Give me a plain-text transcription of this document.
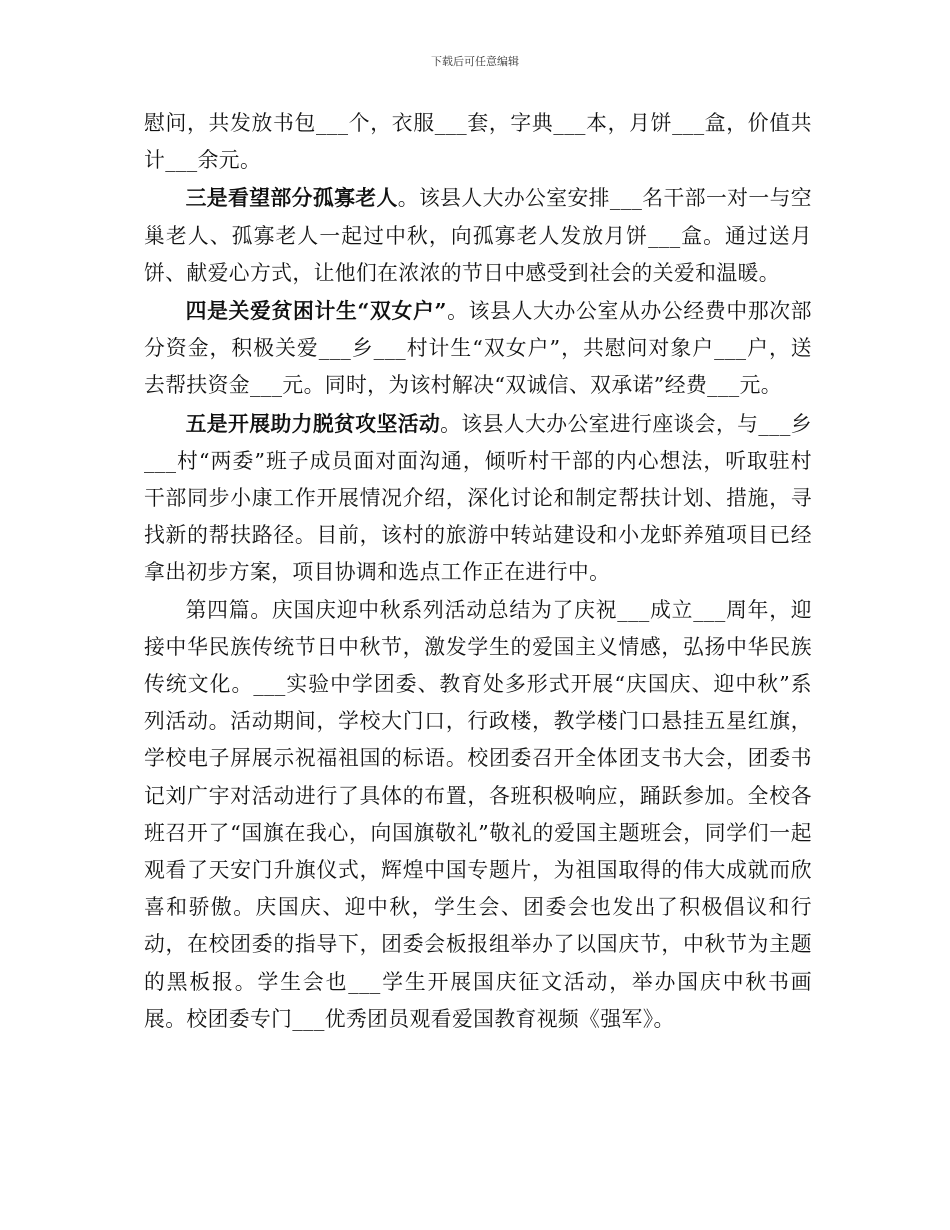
下载后可任意编辑

慰问，共发放书包___个，衣服___套，字典___本，月饼___盒，价值共计___余元。

三是看望部分孤寡老人。该县人大办公室安排___名干部一对一与空巢老人、孤寡老人一起过中秋，向孤寡老人发放月饼___盒。通过送月饼、献爱心方式，让他们在浓浓的节日中感受到社会的关爱和温暖。

四是关爱贫困计生“双女户”。该县人大办公室从办公经费中那次部分资金，积极关爱___乡___村计生“双女户”，共慰问对象户___户，送去帮扶资金___元。同时，为该村解决“双诚信、双承诺”经费___元。

五是开展助力脱贫攻坚活动。该县人大办公室进行座谈会，与___乡___村“两委”班子成员面对面沟通，倾听村干部的内心想法，听取驻村干部同步小康工作开展情况介绍，深化讨论和制定帮扶计划、措施，寻找新的帮扶路径。目前，该村的旅游中转站建设和小龙虾养殖项目已经拿出初步方案，项目协调和选点工作正在进行中。

第四篇。庆国庆迎中秋系列活动总结为了庆祝___成立___周年，迎接中华民族传统节日中秋节，激发学生的爱国主义情感，弘扬中华民族传统文化。___实验中学团委、教育处多形式开展“庆国庆、迎中秋”系列活动。活动期间，学校大门口，行政楼，教学楼门口悬挂五星红旗，学校电子屏展示祝福祖国的标语。校团委召开全体团支书大会，团委书记刘广宇对活动进行了具体的布置，各班积极响应，踊跃参加。全校各班召开了“国旗在我心，向国旗敬礼”敬礼的爱国主题班会，同学们一起观看了天安门升旗仪式，辉煌中国专题片，为祖国取得的伟大成就而欣喜和骄傲。庆国庆、迎中秋，学生会、团委会也发出了积极倡议和行动，在校团委的指导下，团委会板报组举办了以国庆节，中秋节为主题的黑板报。学生会也___学生开展国庆征文活动，举办国庆中秋书画展。校团委专门___优秀团员观看爱国教育视频《强军》。
